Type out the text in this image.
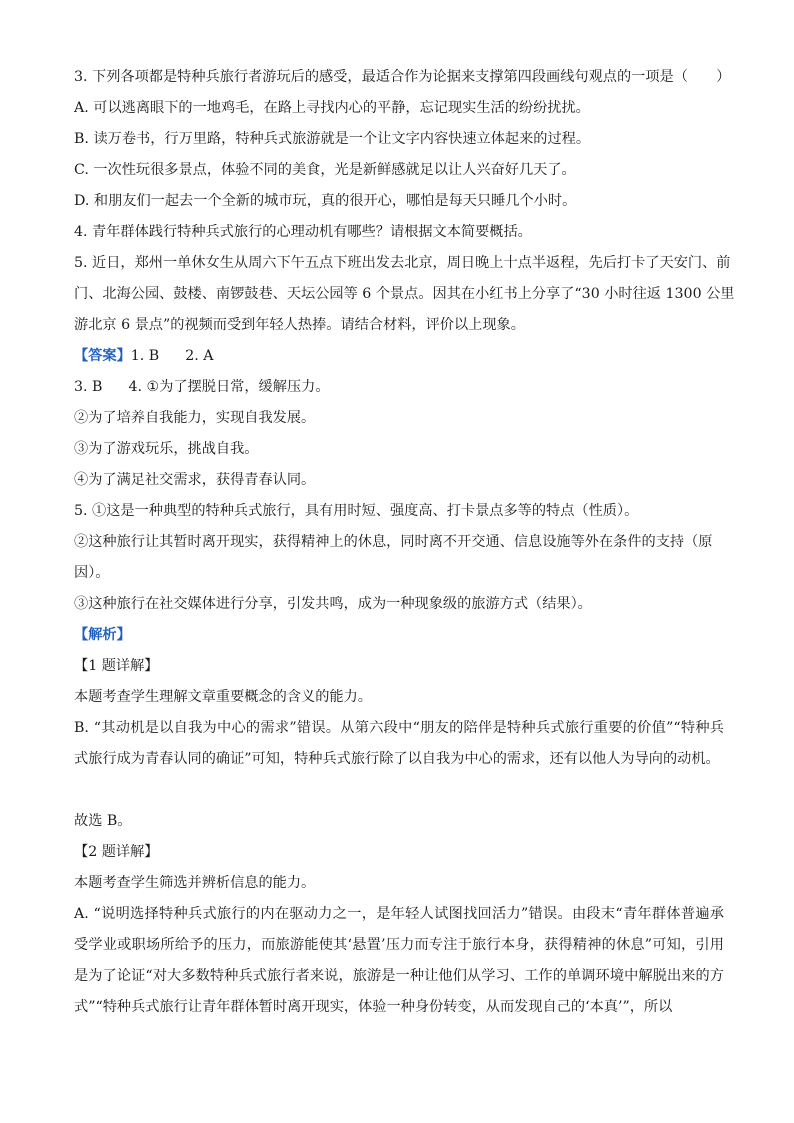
3. 下列各项都是特种兵旅行者游玩后的感受，最适合作为论据来支撑第四段画线句观点的一项是（　　）
A. 可以逃离眼下的一地鸡毛，在路上寻找内心的平静，忘记现实生活的纷纷扰扰。
B. 读万卷书，行万里路，特种兵式旅游就是一个让文字内容快速立体起来的过程。
C. 一次性玩很多景点，体验不同的美食，光是新鲜感就足以让人兴奋好几天了。
D. 和朋友们一起去一个全新的城市玩，真的很开心，哪怕是每天只睡几个小时。
4. 青年群体践行特种兵式旅行的心理动机有哪些？请根据文本简要概括。
5. 近日，郑州一单休女生从周六下午五点下班出发去北京，周日晚上十点半返程，先后打卡了天安门、前
门、北海公园、鼓楼、南锣鼓巷、天坛公园等 6 个景点。因其在小红书上分享了“30 小时往返 1300 公里
游北京 6 景点”的视频而受到年轻人热捧。请结合材料，评价以上现象。
【答案】1. B 2. A
3. B 4. ①为了摆脱日常，缓解压力。
②为了培养自我能力，实现自我发展。
③为了游戏玩乐，挑战自我。
④为了满足社交需求，获得青春认同。
5. ①这是一种典型的特种兵式旅行，具有用时短、强度高、打卡景点多等的特点（性质）。
②这种旅行让其暂时离开现实，获得精神上的休息，同时离不开交通、信息设施等外在条件的支持（原
因）。
③这种旅行在社交媒体进行分享，引发共鸣，成为一种现象级的旅游方式（结果）。
【解析】
【1 题详解】
本题考查学生理解文章重要概念的含义的能力。
B. “其动机是以自我为中心的需求”错误。从第六段中“朋友的陪伴是特种兵式旅行重要的价值”“特种兵式旅行成为青春认同的确证”可知，特种兵式旅行除了以自我为中心的需求，还有以他人为导向的动机。
故选 B。
【2 题详解】
本题考查学生筛选并辨析信息的能力。
A. “说明选择特种兵式旅行的内在驱动力之一，是年轻人试图找回活力”错误。由段末“青年群体普遍承受学业或职场所给予的压力，而旅游能使其‘悬置’压力而专注于旅行本身，获得精神的休息”可知，引用是为了论证“对大多数特种兵式旅行者来说，旅游是一种让他们从学习、工作的单调环境中解脱出来的方式”“特种兵式旅行让青年群体暂时离开现实，体验一种身份转变，从而发现自己的‘本真’”，所以
